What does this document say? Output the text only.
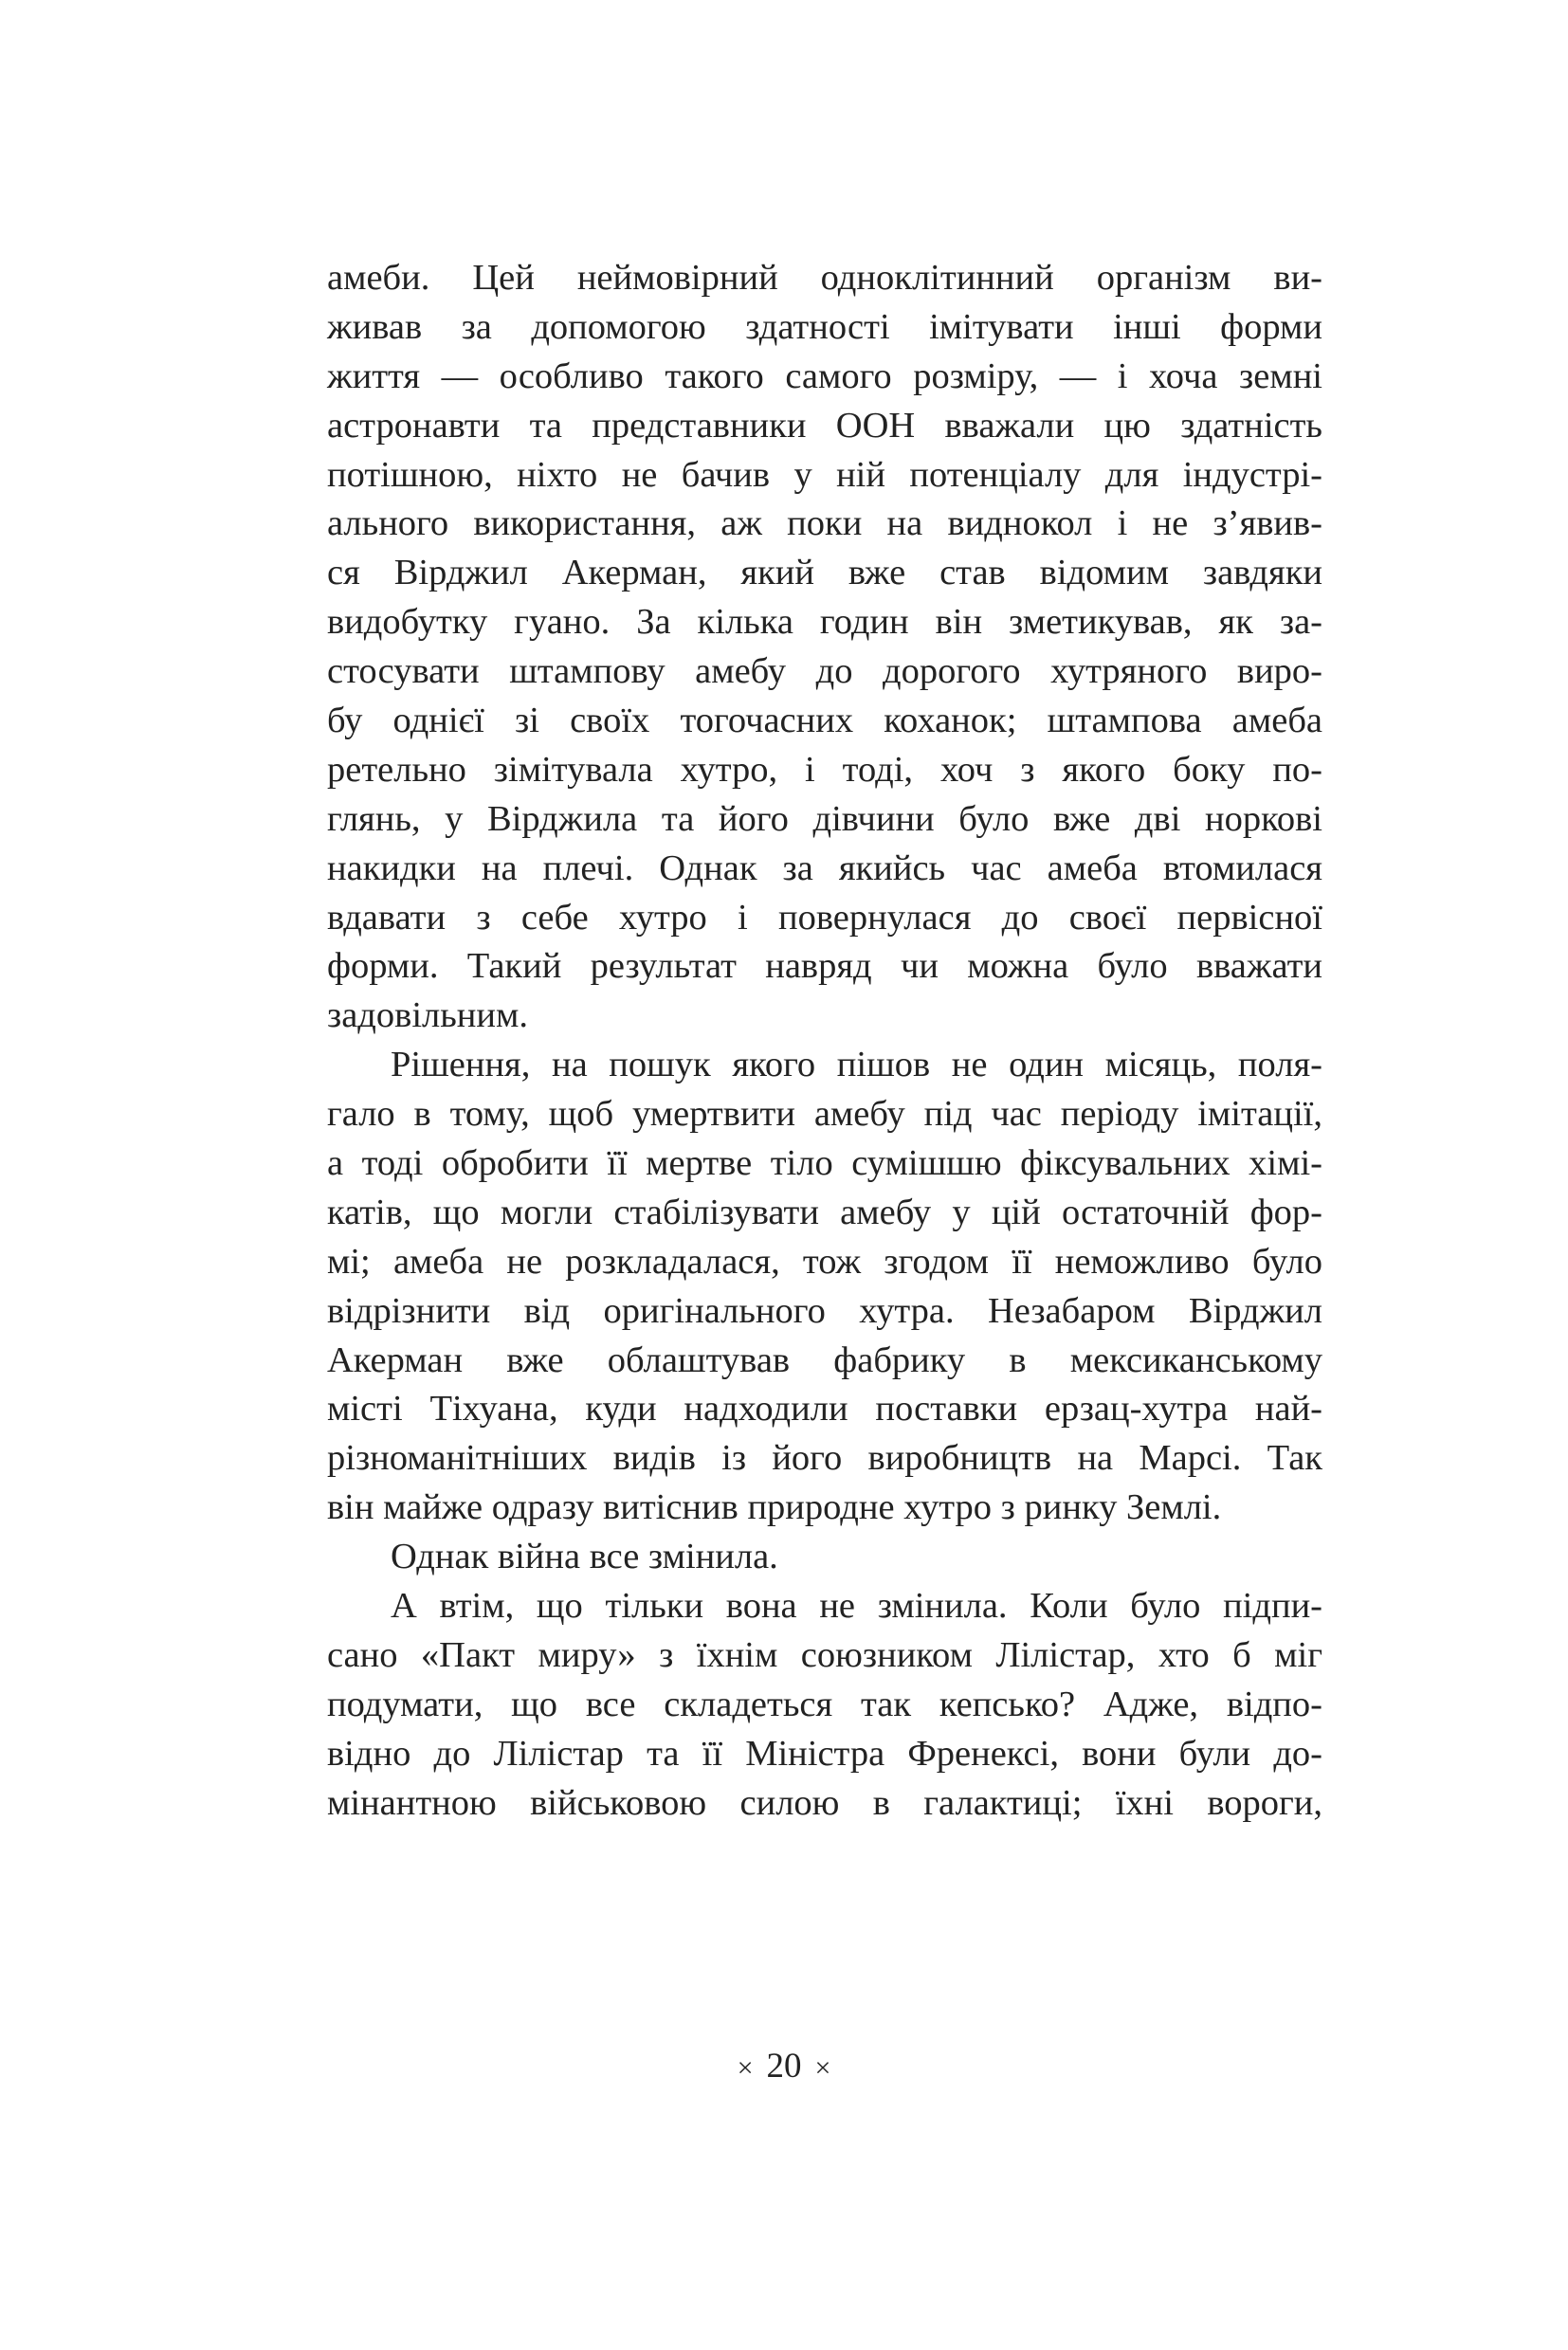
амеби. Цей неймовірний одноклітинний організм ви-
живав за допомогою здатності імітувати інші форми
життя — особливо такого самого розміру, — і хоча земні
астронавти та представники ООН вважали цю здатність
потішною, ніхто не бачив у ній потенціалу для індустрі-
ального використання, аж поки на виднокол і не з’явив-
ся Вірджил Акерман, який вже став відомим завдяки
видобутку гуано. За кілька годин він зметикував, як за-
стосувати штампову амебу до дорогого хутряного виро-
бу однієї зі своїх тогочасних коханок; штампова амеба
ретельно зімітувала хутро, і тоді, хоч з якого боку по-
глянь, у Вірджила та його дівчини було вже дві норкові
накидки на плечі. Однак за якийсь час амеба втомилася
вдавати з себе хутро і повернулася до своєї первісної
форми. Такий результат навряд чи можна було вважати
задовільним.
Рішення, на пошук якого пішов не один місяць, поля-
гало в тому, щоб умертвити амебу під час періоду імітації,
а тоді обробити її мертве тіло сумішшю фіксувальних хімі-
катів, що могли стабілізувати амебу у цій остаточній фор-
мі; амеба не розкладалася, тож згодом її неможливо було
відрізнити від оригінального хутра. Незабаром Вірджил
Акерман вже облаштував фабрику в мексиканському
місті Тіхуана, куди надходили поставки ерзац-хутра най-
різноманітніших видів із його виробництв на Марсі. Так
він майже одразу витіснив природне хутро з ринку Землі.
Однак війна все змінила.
А втім, що тільки вона не змінила. Коли було підпи-
сано «Пакт миру» з їхнім союзником Лілістар, хто б міг
подумати, що все складеться так кепсько? Адже, відпо-
відно до Лілістар та її Міністра Френексі, вони були до-
мінантною військовою силою в галактиці; їхні вороги,
× 20 ×
